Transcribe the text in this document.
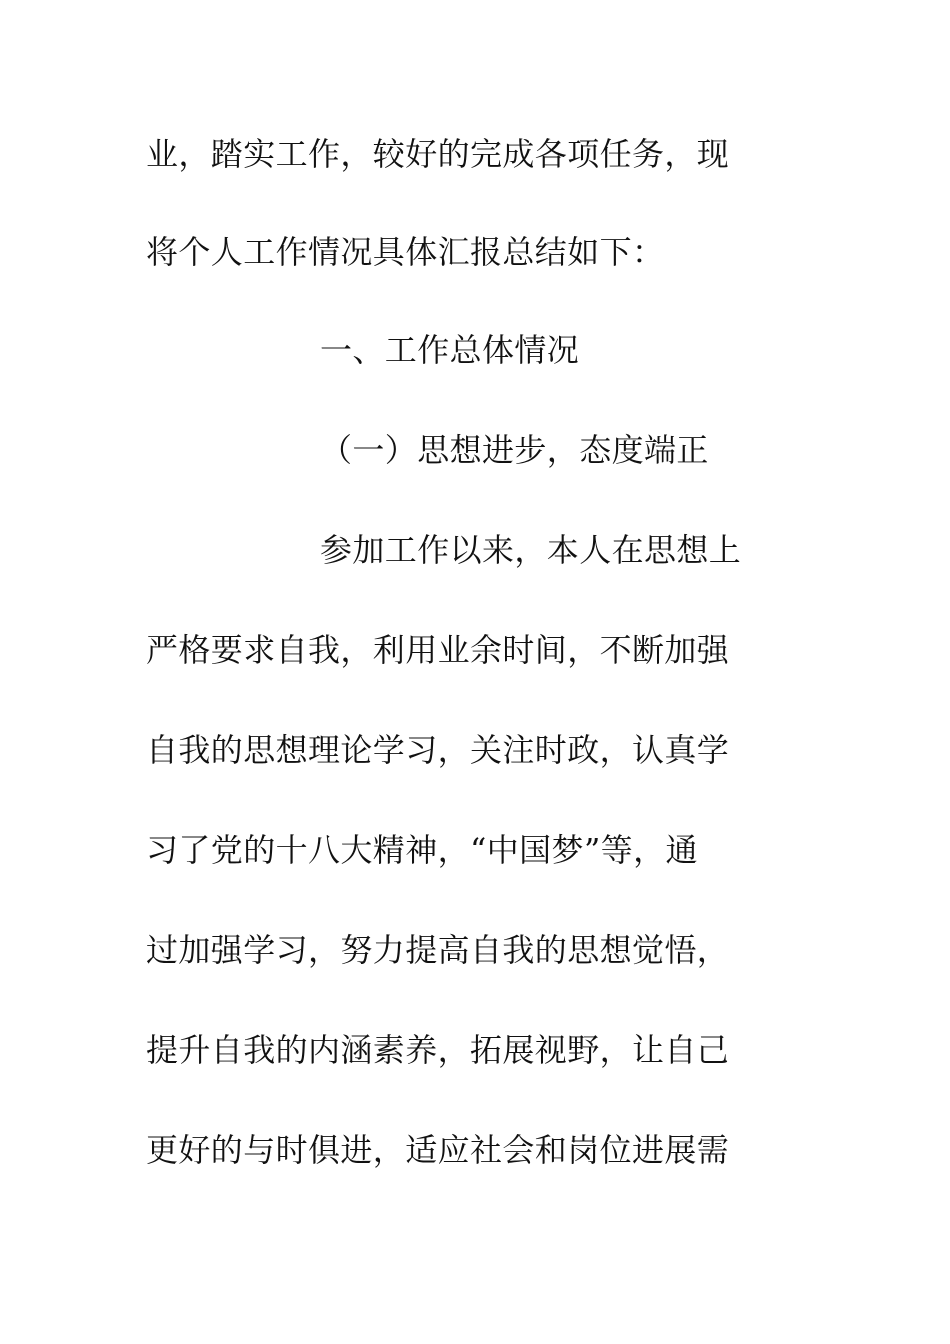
业，踏实工作，较好的完成各项任务，现
将个人工作情况具体汇报总结如下：
一、工作总体情况
（一）思想进步，态度端正
参加工作以来，本人在思想上
严格要求自我，利用业余时间，不断加强
自我的思想理论学习，关注时政，认真学
习了党的十八大精神，“中国梦”等，通
过加强学习，努力提高自我的思想觉悟，
提升自我的内涵素养，拓展视野，让自己
更好的与时俱进，适应社会和岗位进展需
